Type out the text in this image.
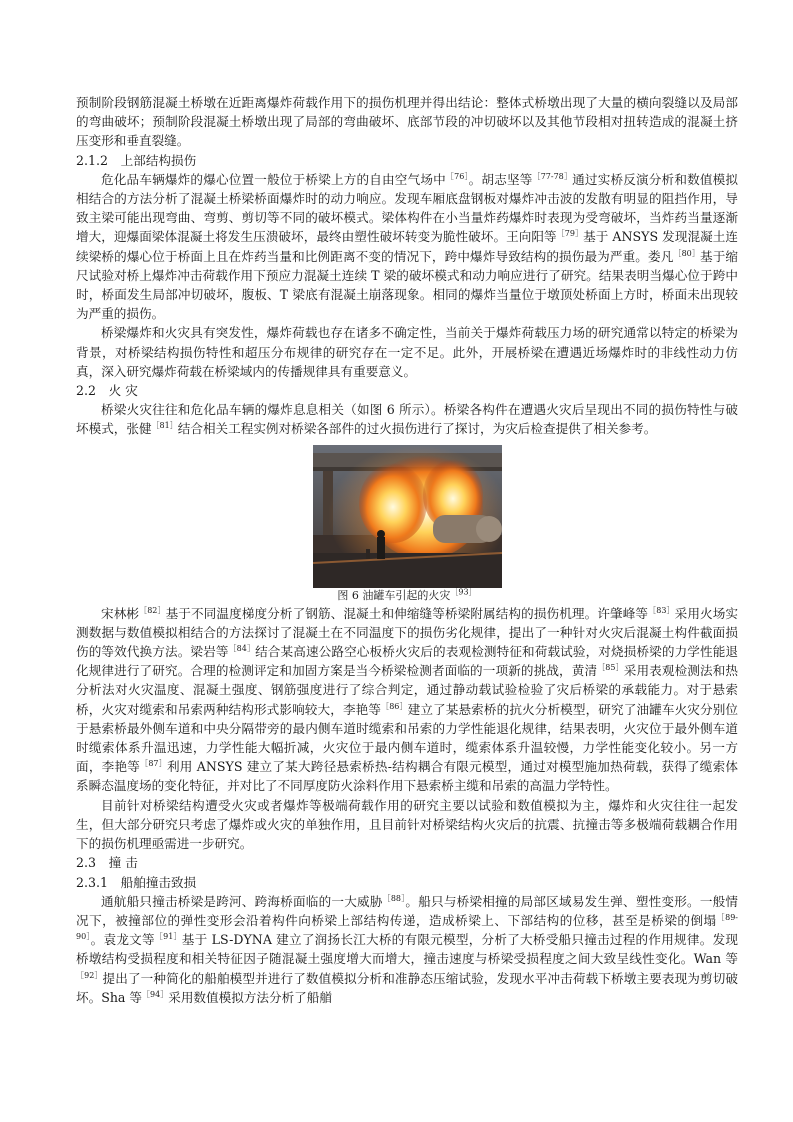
预制阶段钢筋混凝土桥墩在近距离爆炸荷载作用下的损伤机理并得出结论：整体式桥墩出现了大量的横向裂缝以及局部的弯曲破坏；预制阶段混凝土桥墩出现了局部的弯曲破坏、底部节段的冲切破坏以及其他节段相对扭转造成的混凝土挤压变形和垂直裂缝。

2.1.2　上部结构损伤

危化品车辆爆炸的爆心位置一般位于桥梁上方的自由空气场中$^{[76]}$。胡志坚等$^{[77-78]}$通过实桥反演分析和数值模拟相结合的方法分析了混凝土桥梁桥面爆炸时的动力响应。发现车厢底盘钢板对爆炸冲击波的发散有明显的阻挡作用，导致主梁可能出现弯曲、弯剪、剪切等不同的破坏模式。梁体构件在小当量炸药爆炸时表现为受弯破坏，当炸药当量逐渐增大，迎爆面梁体混凝土将发生压溃破坏，最终由塑性破坏转变为脆性破坏。王向阳等$^{[79]}$基于 ANSYS 发现混凝土连续梁桥的爆心位于桥面上且在炸药当量和比例距离不变的情况下，跨中爆炸导致结构的损伤最为严重。娄凡$^{[80]}$基于缩尺试验对桥上爆炸冲击荷载作用下预应力混凝土连续 T 梁的破坏模式和动力响应进行了研究。结果表明当爆心位于跨中时，桥面发生局部冲切破坏，腹板、T 梁底有混凝土崩落现象。相同的爆炸当量位于墩顶处桥面上方时，桥面未出现较为严重的损伤。

桥梁爆炸和火灾具有突发性，爆炸荷载也存在诸多不确定性，当前关于爆炸荷载压力场的研究通常以特定的桥梁为背景，对桥梁结构损伤特性和超压分布规律的研究存在一定不足。此外，开展桥梁在遭遇近场爆炸时的非线性动力仿真，深入研究爆炸荷载在桥梁域内的传播规律具有重要意义。

2.2　火 灾

桥梁火灾往往和危化品车辆的爆炸息息相关（如图 6 所示）。桥梁各构件在遭遇火灾后呈现出不同的损伤特性与破坏模式，张健$^{[81]}$结合相关工程实例对桥梁各部件的过火损伤进行了探讨，为灾后检查提供了相关参考。

图 6 油罐车引起的火灾$^{[93]}$

宋林彬$^{[82]}$基于不同温度梯度分析了钢筋、混凝土和伸缩缝等桥梁附属结构的损伤机理。许肇峰等$^{[83]}$采用火场实测数据与数值模拟相结合的方法探讨了混凝土在不同温度下的损伤劣化规律，提出了一种针对火灾后混凝土构件截面损伤的等效代换方法。梁岩等$^{[84]}$结合某高速公路空心板桥火灾后的表观检测特征和荷载试验，对烧损桥梁的力学性能退化规律进行了研究。合理的检测评定和加固方案是当今桥梁检测者面临的一项新的挑战，黄清$^{[85]}$采用表观检测法和热分析法对火灾温度、混凝土强度、钢筋强度进行了综合判定，通过静动载试验检验了灾后桥梁的承载能力。对于悬索桥，火灾对缆索和吊索两种结构形式影响较大，李艳等$^{[86]}$建立了某悬索桥的抗火分析模型，研究了油罐车火灾分别位于悬索桥最外侧车道和中央分隔带旁的最内侧车道时缆索和吊索的力学性能退化规律，结果表明，火灾位于最外侧车道时缆索体系升温迅速，力学性能大幅折减，火灾位于最内侧车道时，缆索体系升温较慢，力学性能变化较小。另一方面，李艳等$^{[87]}$利用 ANSYS 建立了某大跨径悬索桥热-结构耦合有限元模型，通过对模型施加热荷载，获得了缆索体系瞬态温度场的变化特征，并对比了不同厚度防火涂料作用下悬索桥主缆和吊索的高温力学特性。

目前针对桥梁结构遭受火灾或者爆炸等极端荷载作用的研究主要以试验和数值模拟为主，爆炸和火灾往往一起发生，但大部分研究只考虑了爆炸或火灾的单独作用，且目前针对桥梁结构火灾后的抗震、抗撞击等多极端荷载耦合作用下的损伤机理亟需进一步研究。

2.3　撞 击
2.3.1　船舶撞击致损

通航船只撞击桥梁是跨河、跨海桥面临的一大威胁$^{[88]}$。船只与桥梁相撞的局部区域易发生弹、塑性变形。一般情况下，被撞部位的弹性变形会沿着构件向桥梁上部结构传递，造成桥梁上、下部结构的位移，甚至是桥梁的倒塌$^{[89-90]}$。袁龙文等$^{[91]}$基于 LS-DYNA 建立了润扬长江大桥的有限元模型，分析了大桥受船只撞击过程的作用规律。发现桥墩结构受损程度和相关特征因子随混凝土强度增大而增大，撞击速度与桥梁受损程度之间大致呈线性变化。Wan 等$^{[92]}$提出了一种简化的船舶模型并进行了数值模拟分析和准静态压缩试验，发现水平冲击荷载下桥墩主要表现为剪切破坏。Sha 等$^{[94]}$采用数值模拟方法分析了船艏
